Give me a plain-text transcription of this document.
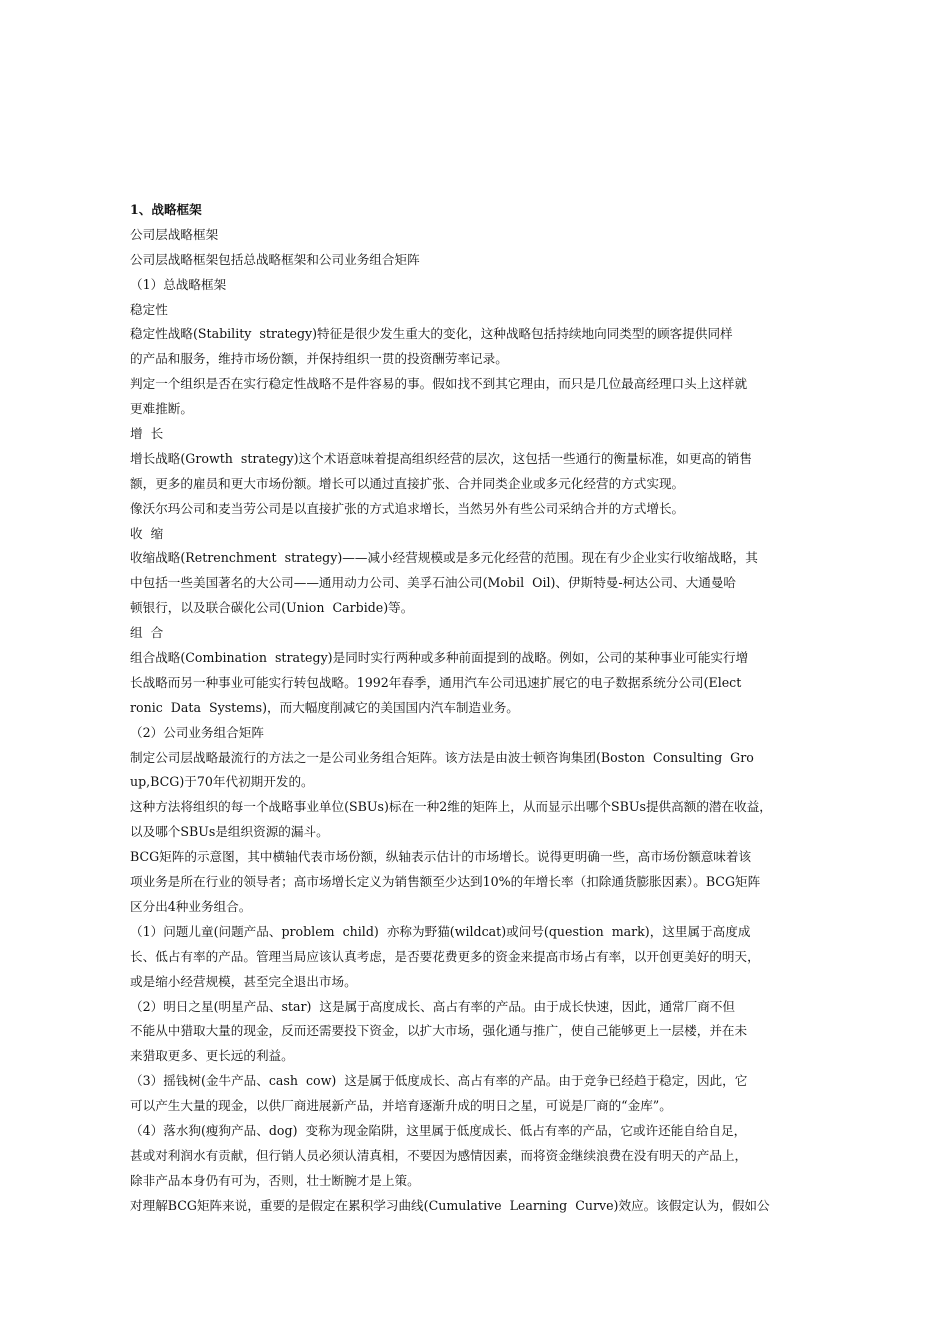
1、战略框架
公司层战略框架
公司层战略框架包括总战略框架和公司业务组合矩阵
（1）总战略框架
稳定性
稳定性战略(Stability  strategy)特征是很少发生重大的变化，这种战略包括持续地向同类型的顾客提供同样
的产品和服务，维持市场份额，并保持组织一贯的投资酬劳率记录。
判定一个组织是否在实行稳定性战略不是件容易的事。假如找不到其它理由，而只是几位最高经理口头上这样就
更难推断。
增  长
增长战略(Growth  strategy)这个术语意味着提高组织经营的层次，这包括一些通行的衡量标准，如更高的销售
额，更多的雇员和更大市场份额。增长可以通过直接扩张、合并同类企业或多元化经营的方式实现。
像沃尔玛公司和麦当劳公司是以直接扩张的方式追求增长，当然另外有些公司采纳合并的方式增长。
收  缩
收缩战略(Retrenchment  strategy)——减小经营规模或是多元化经营的范围。现在有少企业实行收缩战略，其
中包括一些美国著名的大公司——通用动力公司、美孚石油公司(Mobil  Oil)、伊斯特曼-柯达公司、大通曼哈
顿银行，以及联合碳化公司(Union  Carbide)等。
组  合
组合战略(Combination  strategy)是同时实行两种或多种前面提到的战略。例如，公司的某种事业可能实行增
长战略而另一种事业可能实行转包战略。1992年春季，通用汽车公司迅速扩展它的电子数据系统分公司(Elect
ronic  Data  Systems)，而大幅度削减它的美国国内汽车制造业务。
（2）公司业务组合矩阵
制定公司层战略最流行的方法之一是公司业务组合矩阵。该方法是由波士顿咨询集团(Boston  Consulting  Gro
up,BCG)于70年代初期开发的。
这种方法将组织的每一个战略事业单位(SBUs)标在一种2维的矩阵上，从而显示出哪个SBUs提供高额的潜在收益，
以及哪个SBUs是组织资源的漏斗。
BCG矩阵的示意图，其中横轴代表市场份额，纵轴表示估计的市场增长。说得更明确一些，高市场份额意味着该
项业务是所在行业的领导者；高市场增长定义为销售额至少达到10%的年增长率（扣除通货膨胀因素）。BCG矩阵
区分出4种业务组合。
（1）问题儿童(问题产品、problem  child)  亦称为野猫(wildcat)或问号(question  mark)，这里属于高度成
长、低占有率的产品。管理当局应该认真考虑，是否要花费更多的资金来提高市场占有率，以开创更美好的明天，
或是缩小经营规模，甚至完全退出市场。
（2）明日之星(明星产品、star)  这是属于高度成长、高占有率的产品。由于成长快速，因此，通常厂商不但
不能从中猎取大量的现金，反而还需要投下资金，以扩大市场，强化通与推广，使自己能够更上一层楼，并在未
来猎取更多、更长远的利益。
（3）摇钱树(金牛产品、cash  cow)  这是属于低度成长、高占有率的产品。由于竞争已经趋于稳定，因此，它
可以产生大量的现金，以供厂商进展新产品，并培育逐渐升成的明日之星，可说是厂商的“金库”。
（4）落水狗(瘦狗产品、dog)  变称为现金陷阱，这里属于低度成长、低占有率的产品，它或许还能自给自足，
甚或对利润水有贡献，但行销人员必须认清真相，不要因为感情因素，而将资金继续浪费在没有明天的产品上，
除非产品本身仍有可为，否则，壮士断腕才是上策。
对理解BCG矩阵来说，重要的是假定在累积学习曲线(Cumulative  Learning  Curve)效应。该假定认为，假如公
